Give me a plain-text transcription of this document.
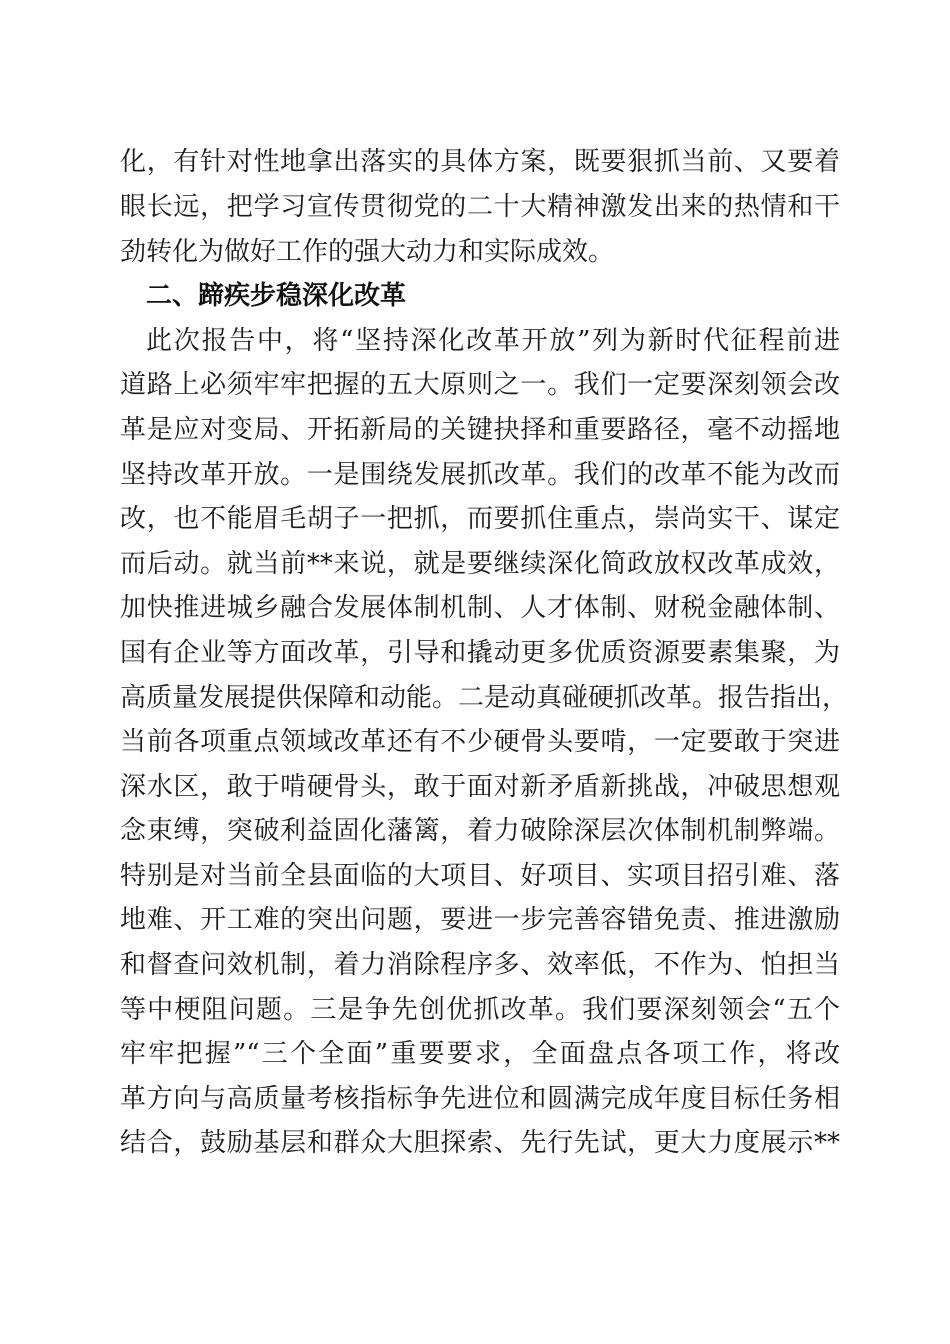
化，有针对性地拿出落实的具体方案，既要狠抓当前、又要着
眼长远，把学习宣传贯彻党的二十大精神激发出来的热情和干
劲转化为做好工作的强大动力和实际成效。
二、蹄疾步稳深化改革
此次报告中，将“坚持深化改革开放”列为新时代征程前进
道路上必须牢牢把握的五大原则之一。我们一定要深刻领会改
革是应对变局、开拓新局的关键抉择和重要路径，毫不动摇地
坚持改革开放。一是围绕发展抓改革。我们的改革不能为改而
改，也不能眉毛胡子一把抓，而要抓住重点，崇尚实干、谋定
而后动。就当前**来说，就是要继续深化简政放权改革成效，
加快推进城乡融合发展体制机制、人才体制、财税金融体制、
国有企业等方面改革，引导和撬动更多优质资源要素集聚，为
高质量发展提供保障和动能。二是动真碰硬抓改革。报告指出，
当前各项重点领域改革还有不少硬骨头要啃，一定要敢于突进
深水区，敢于啃硬骨头，敢于面对新矛盾新挑战，冲破思想观
念束缚，突破利益固化藩篱，着力破除深层次体制机制弊端。
特别是对当前全县面临的大项目、好项目、实项目招引难、落
地难、开工难的突出问题，要进一步完善容错免责、推进激励
和督查问效机制，着力消除程序多、效率低，不作为、怕担当
等中梗阻问题。三是争先创优抓改革。我们要深刻领会“五个
牢牢把握”“三个全面”重要要求，全面盘点各项工作，将改
革方向与高质量考核指标争先进位和圆满完成年度目标任务相
结合，鼓励基层和群众大胆探索、先行先试，更大力度展示**
